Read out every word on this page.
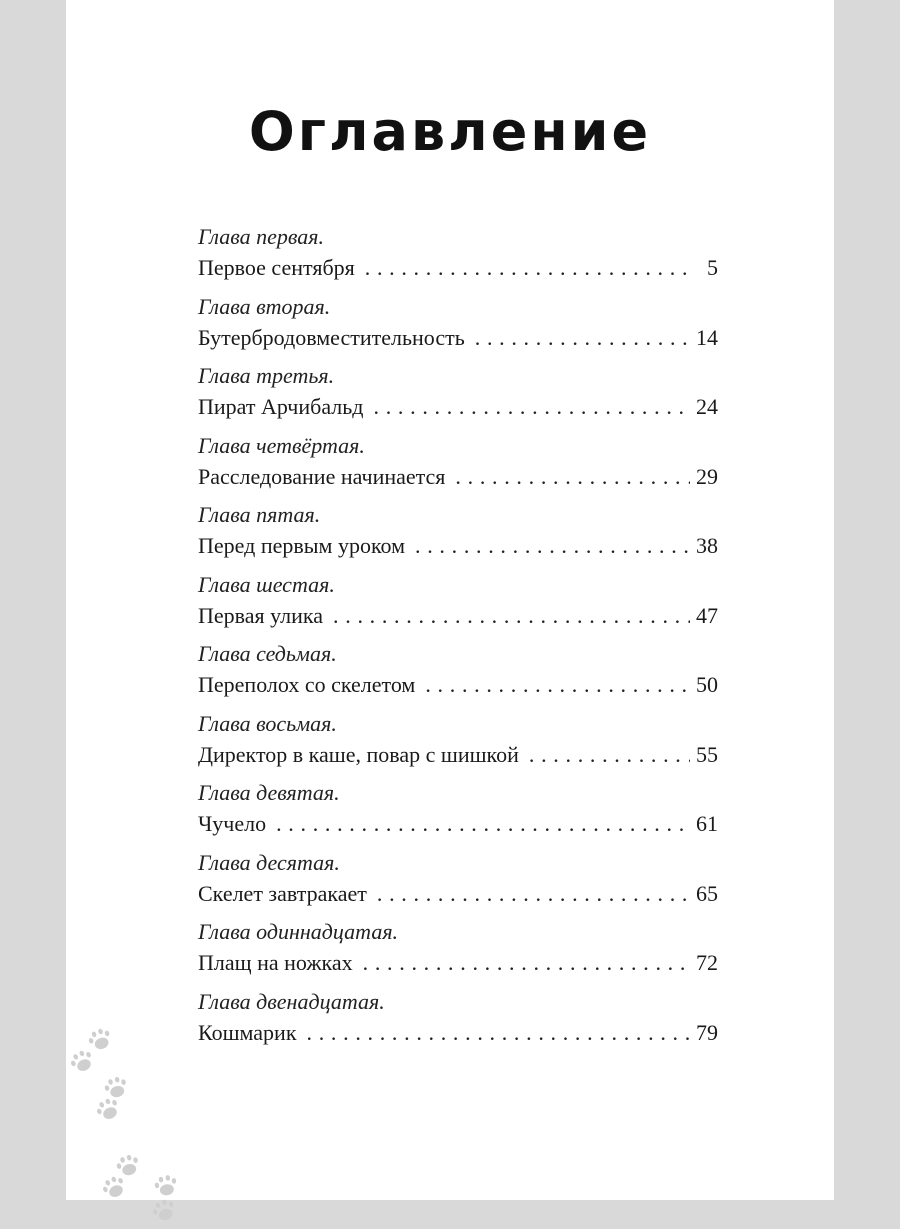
Оглавление
Глава первая.
Первое сентября . . .	5
Глава вторая.
Бутербродовместительность . . .	14
Глава третья.
Пират Арчибальд . . .	24
Глава четвёртая.
Расследование начинается . . .	29
Глава пятая.
Перед первым уроком . . .	38
Глава шестая.
Первая улика . . .	47
Глава седьмая.
Переполох со скелетом . . .	50
Глава восьмая.
Директор в каше, повар с шишкой . . .	55
Глава девятая.
Чучело . . .	61
Глава десятая.
Скелет завтракает . . .	65
Глава одиннадцатая.
Плащ на ножках . . .	72
Глава двенадцатая.
Кошмарик . . .	79
